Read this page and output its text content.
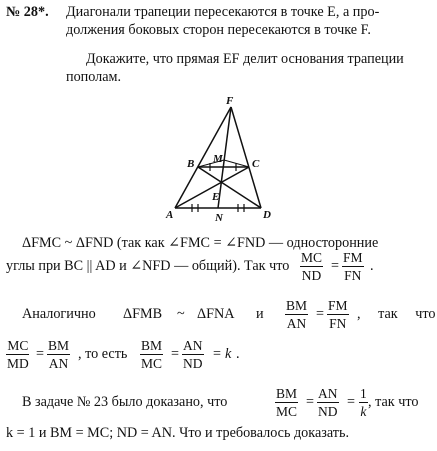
№ 28*. Диагонали трапеции пересекаются в точке E, а про-
должения боковых сторон пересекаются в точке F.
Докажите, что прямая EF делит основания трапеции
пополам.
F
B M	C
E
A	N	D
ΔFMC ~ ΔFND (так как ∠FMC = ∠FND — односторонние
углы при BC || AD и ∠NFD — общий). Так что $\frac{MC}{ND} = \frac{FM}{FN}$ .
Аналогично ΔFMB ~ ΔFNA и $\frac{BM}{AN} = \frac{FM}{FN}$ , так что
$\frac{MC}{MD} = \frac{BM}{AN}$ , то есть $\frac{BM}{MC} = \frac{AN}{ND} = k$ .
В задаче № 23 было доказано, что	$\frac{BM}{MC} = \frac{AN}{ND} = \frac{1}{k}$ , так что
k = 1 и BM = MC; ND = AN. Что и требовалось доказать.
